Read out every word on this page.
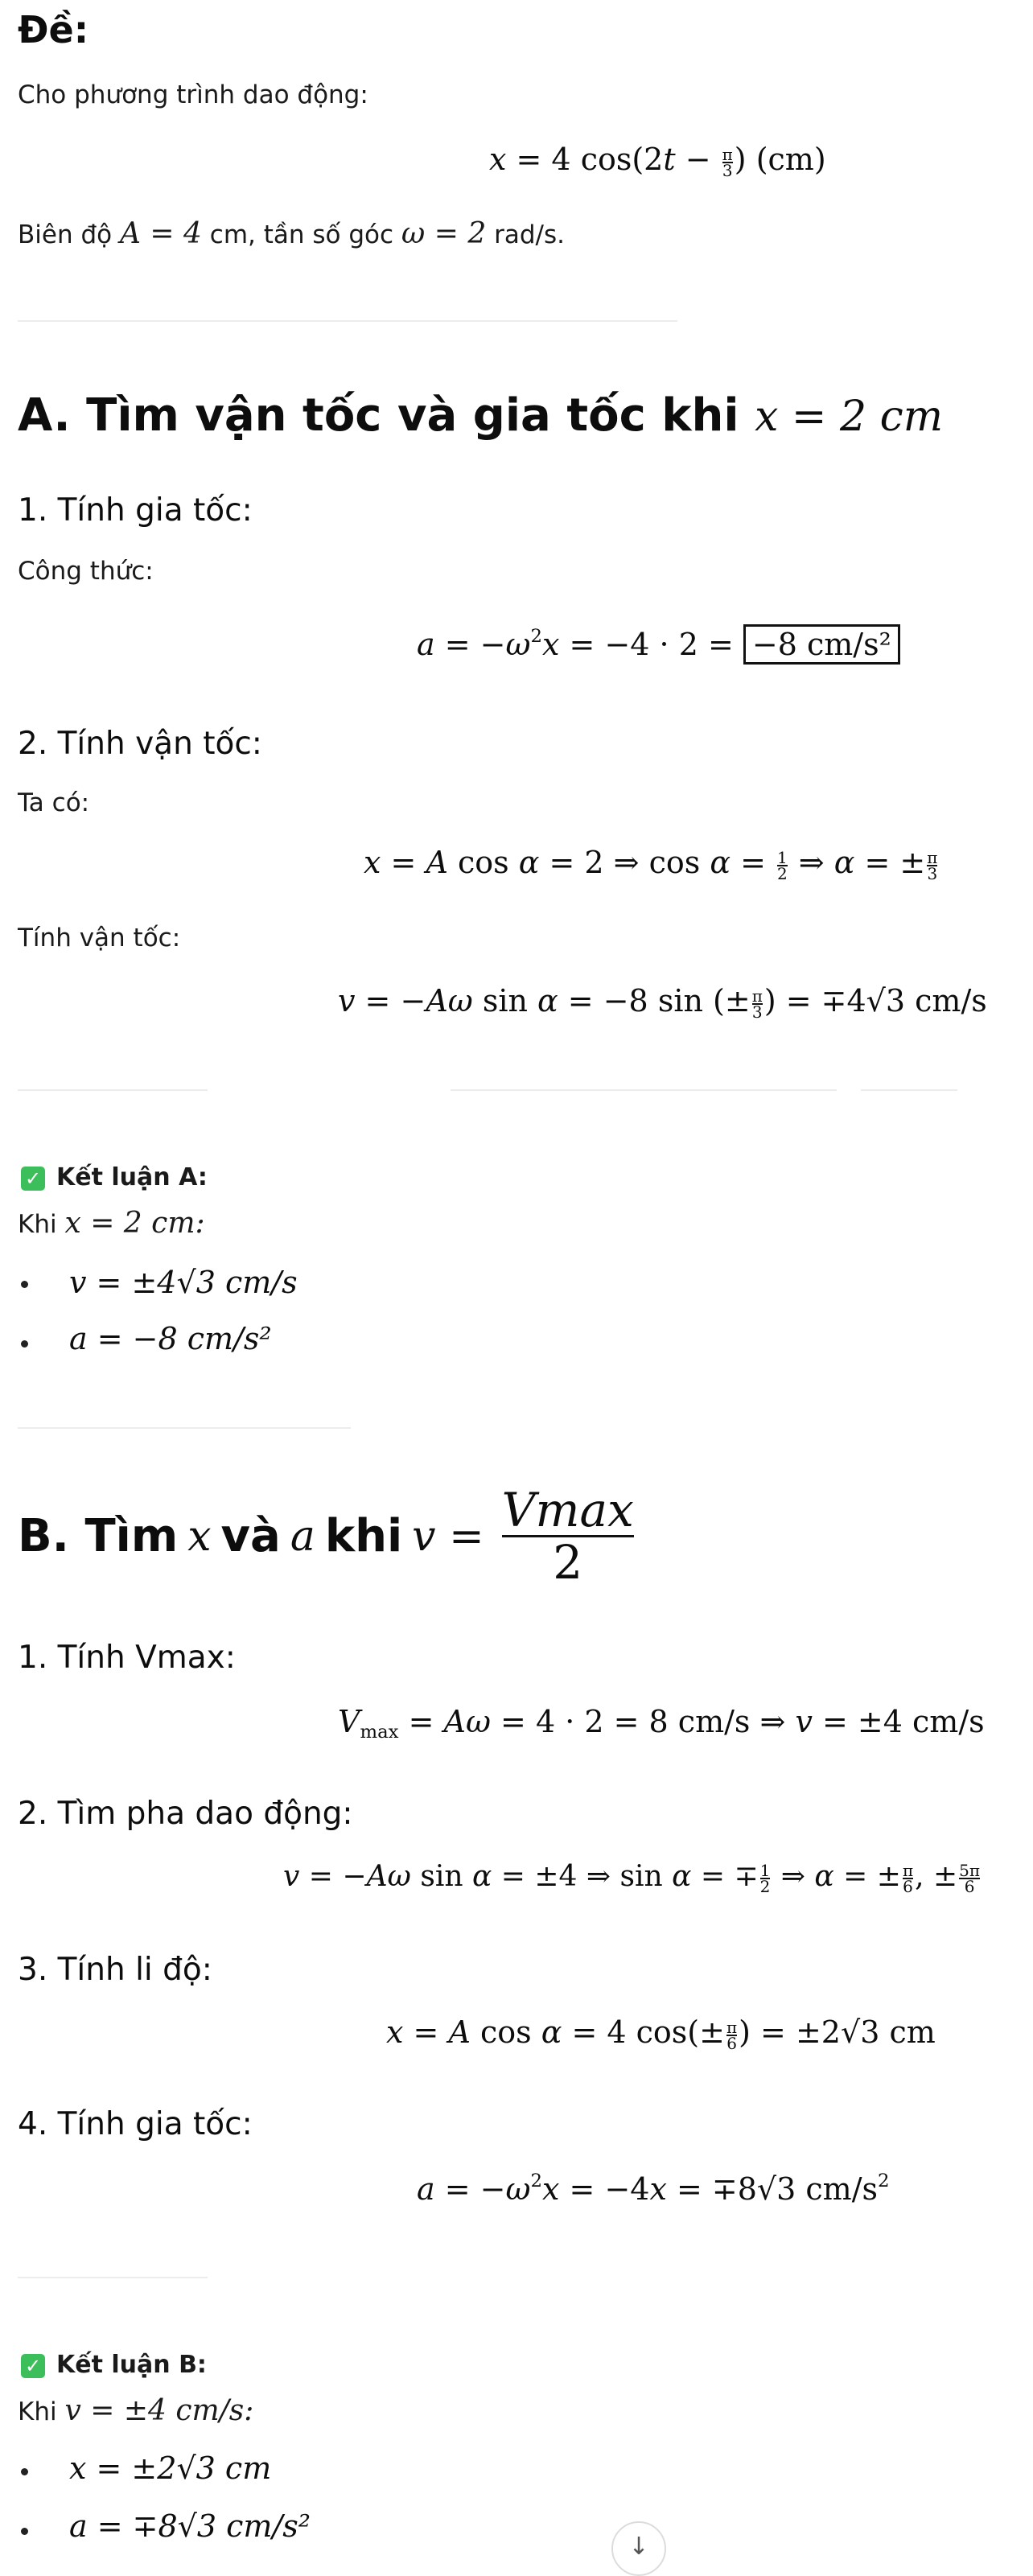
Đề:
Cho phương trình dao động:
x = 4 $\cos(2t - \frac{\pi}{3}$ ) (cm)
Biên độ A = 4 cm, tần số góc ω = 2 rad/s.
A. Tìm vận tốc và gia tốc khi x = 2 cm
1. Tính gia tốc:
Công thức:
$a = -\omega^2x = -4 \cdot 2 = -8$ cm/s²
2. Tính vận tốc:
Ta có:
x = A cos α = 2 ⇒ $\cos \alpha = \frac{1}{2}$ ⇒ α = ± $\frac{\pi}{3}$
Tính vận tốc:
v = −Aω sin α = −8 sin (± $\frac{\pi}{3}$ ) = ∓4√3 cm/s
✓ Kết luận A:
Khi x = 2 cm:
v = ±4√3 cm/s
a = −8 cm/s²
B. Tìm x và a khi v = Vmax
2
1. Tính Vmax:
$V_{max} = A\omega = 4 \cdot 2 = 8$ cm/s ⇒ v = ±4 cm/s
2. Tìm pha dao động:
v = −Aω sin α = ±4 ⇒ sin α = ∓ $\frac{1}{2}$ ⇒ α = ± $\frac{\pi}{6}$ , ± $\frac{5\pi}{6}$
3. Tính li độ:
x = A cos α = 4 $\cos(\pm \frac{\pi}{6}$ ) = ±2√3 cm
4. Tính gia tốc:
$a = -\omega^2x = -4x = \mp 8√3$ $cm/s^2$
✓ Kết luận B:
Khi v = ±4 cm/s:
x = ±2√3 cm
a = ∓8√3 cm/s²
↓
